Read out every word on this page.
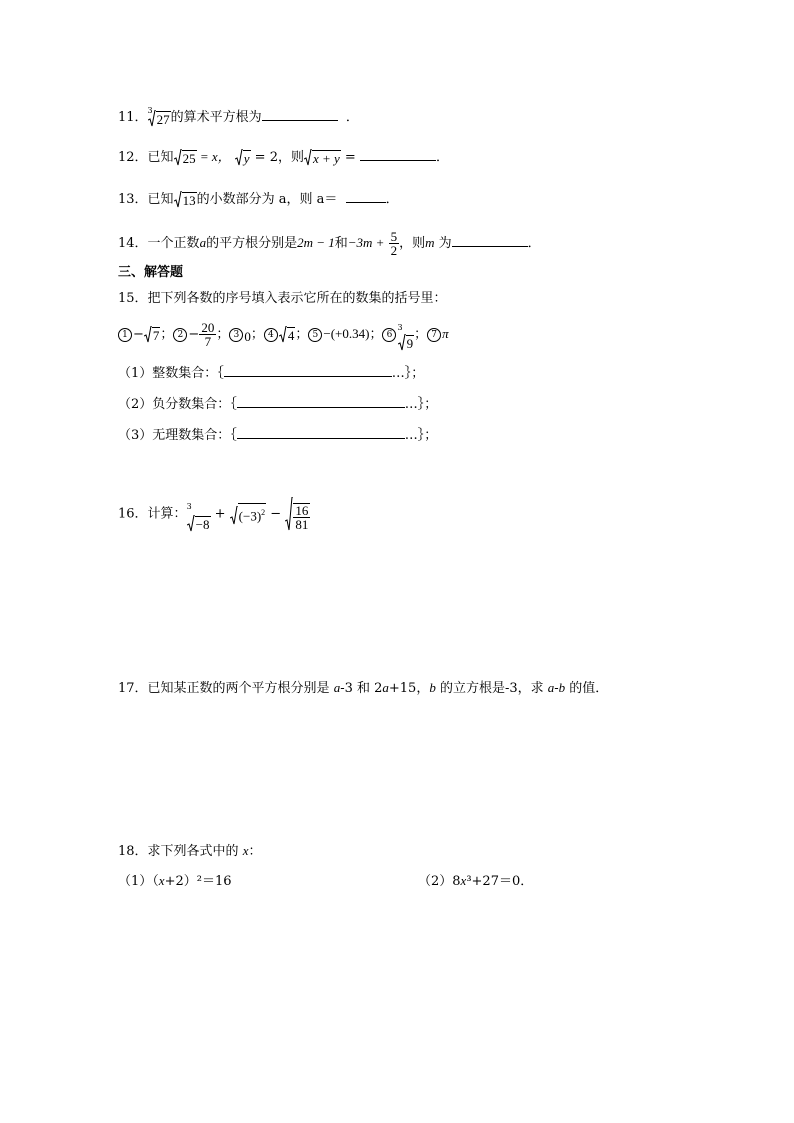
11． 3
27 的算术平方根为	．
12．已知 25 = x， y = 2，则 x + y =	．
13．已知 13 的小数部分为 a，则 a＝	．
14．一个正数a的平方根分别是2m − 1和$-3m + \frac{5}{2}$ ，则m 为	．
三、解答题
15．把下列各数的序号填入表示它所在的数集的括号里：
1 − 7 ； $2 - \frac{20}{7}$ ； 3 0； 4 4 ； 5 −(+0.34)； 6
3
9
； 7 π
（1）整数集合：｛	…｝；
（2）负分数集合：｛	…｝；
（3）无理数集合：｛	…｝；
16．计算： 3
−8
+ $(-3)^2 - \frac{16}{81}$
17．已知某正数的两个平方根分别是 a-3 和 2a+15，b 的立方根是-3，求 a-b 的值．
18．求下列各式中的 x：
（1）（x+2）²＝16	（2）8x³+27＝0．
